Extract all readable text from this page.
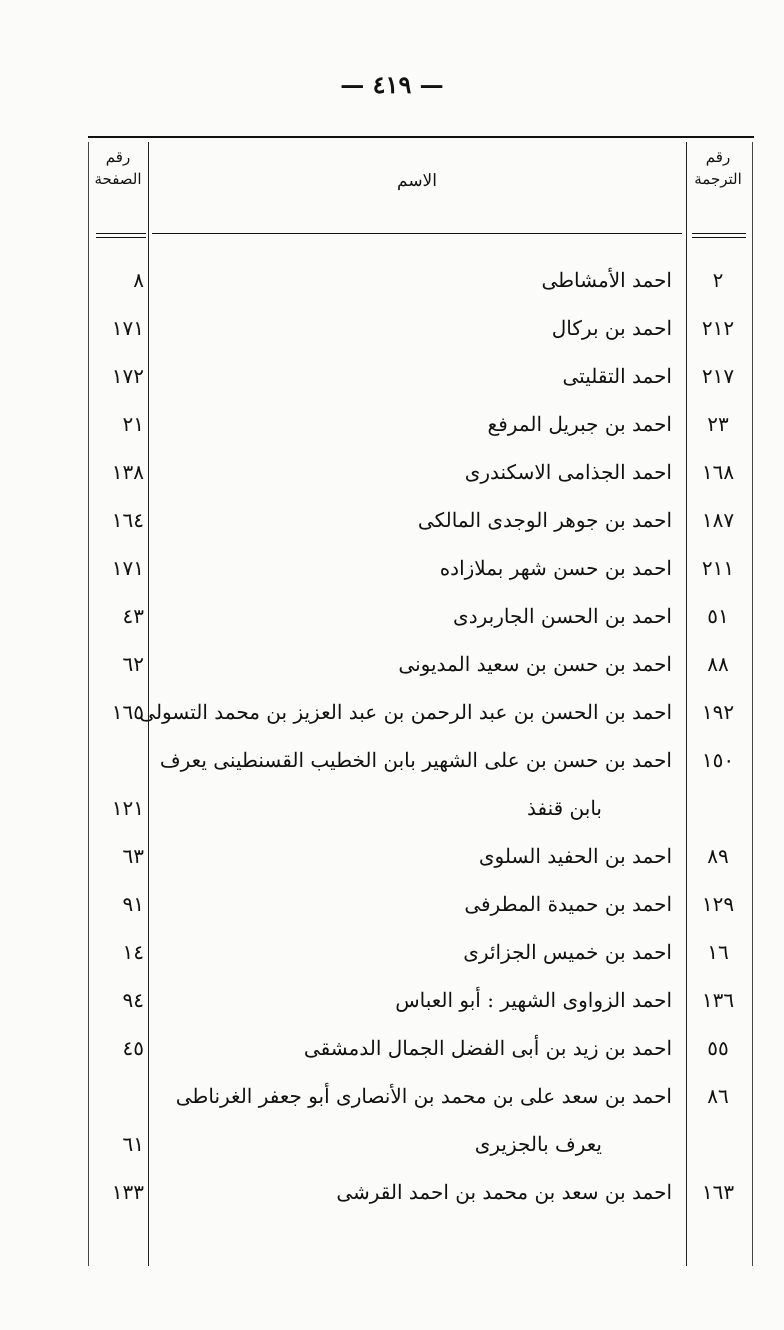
— ٤١٩ —
رقم الصفحة	الاسم
رقم الترجمة
٢
احمد الأمشاطى
٨
٢١٢
احمد بن بركال
١٧١
٢١٧
احمد التقليتى
١٧٢
٢٣
احمد بن جبريل المرفع
٢١
١٦٨
احمد الجذامى الاسكندرى
١٣٨
١٨٧
احمد بن جوهر الوجدى المالكى
١٦٤
٢١١
احمد بن حسن شهر بملازاده
١٧١
٥١
احمد بن الحسن الجاربردى
٤٣
٨٨
احمد بن حسن بن سعيد المديونى
٦٢
١٩٢
احمد بن الحسن بن عبد الرحمن بن عبد العزيز بن محمد التسولى
١٦٥
١٥٠
احمد بن حسن بن على الشهير بابن الخطيب القسنطينى يعرف
بابن قنفذ
١٢١
٨٩
احمد بن الحفيد السلوى
٦٣
١٢٩
احمد بن حميدة المطرفى
٩١
١٦
احمد بن خميس الجزائرى
١٤
١٣٦
احمد الزواوى الشهير : أبو العباس
٩٤
٥٥
احمد بن زيد بن أبى الفضل الجمال الدمشقى
٤٥
٨٦
احمد بن سعد على بن محمد بن الأنصارى أبو جعفر الغرناطى
يعرف بالجزيرى
٦١
١٦٣
احمد بن سعد بن محمد بن احمد القرشى
١٣٣
